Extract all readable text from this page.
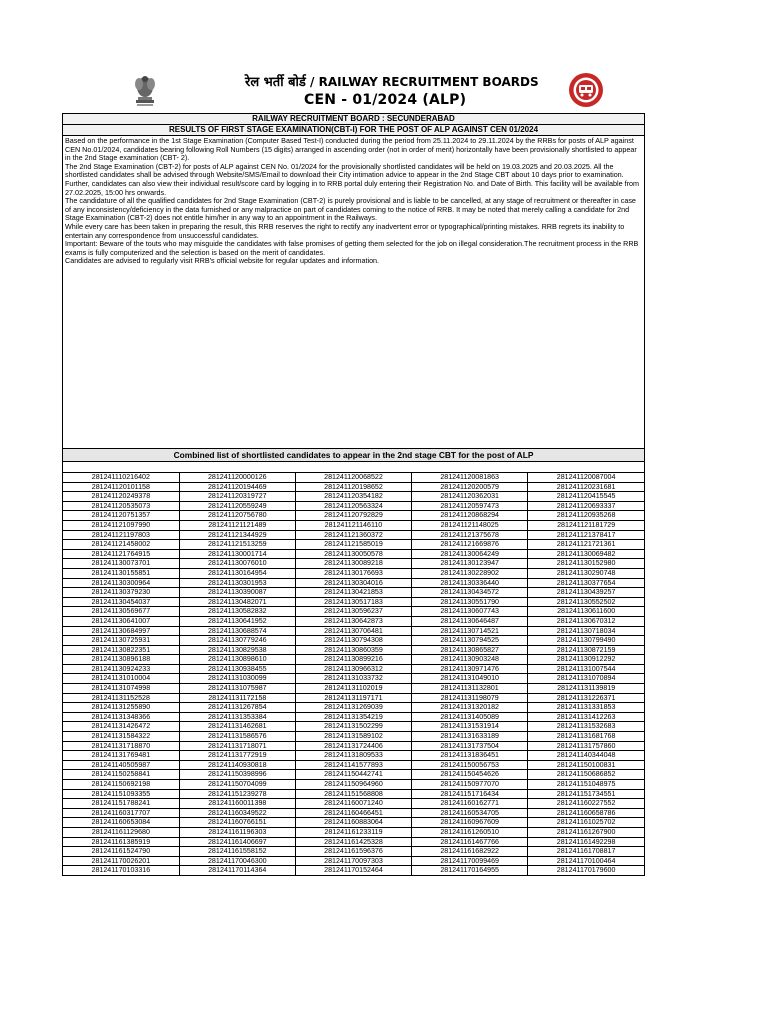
रेल भर्ती बोर्ड / RAILWAY RECRUITMENT BOARDS
CEN - 01/2024 (ALP)
RAILWAY RECRUITMENT BOARD : SECUNDERABAD
RESULTS OF FIRST STAGE EXAMINATION(CBT-I) FOR THE POST OF ALP AGAINST CEN 01/2024

Based on the performance in the 1st Stage Examination (Computer Based Test-I) conducted during the period from 25.11.2024 to 29.11.2024 by the RRBs for posts of ALP against CEN No.01/2024, candidates bearing following Roll Numbers (15 digits) arranged in ascending order (not in order of merit) horizontally have been provisionally shortlisted to appear in the 2nd Stage examination (CBT- 2).

The 2nd Stage Examination (CBT-2) for posts of ALP against CEN No. 01/2024 for the provisionally shortlisted candidates will be held on 19.03.2025 and 20.03.2025. All the shortlisted candidates shall be advised through Website/SMS/Email to download their City intimation advice to appear in the 2nd Stage CBT about 10 days prior to examination.

Further, candidates can also view their individual result/score card by logging in to RRB portal duly entering their Registration No. and Date of Birth. This facility will be available from 27.02.2025, 15:00 hrs onwards.

The candidature of all the qualified candidates for 2nd Stage Examination (CBT-2) is purely provisional and is liable to be cancelled, at any stage of recruitment or thereafter in case of any inconsistency/deficiency in the data furnished or any malpractice on part of candidates coming to the notice of RRB. It may be noted that merely calling a candidate for 2nd Stage Examination (CBT-2) does not entitle him/her in any way to an appointment in the Railways.

While every care has been taken in preparing the result, this RRB reserves the right to rectify any inadvertent error or typographical/printing mistakes. RRB regrets its inability to entertain any correspondence from unsuccessful candidates.

Important: Beware of the touts who may misguide the candidates with false promises of getting them selected for the job on illegal consideration.The recruitment process in the RRB exams is fully computerized and the selection is based on the merit of candidates.

Candidates are advised to regularly visit RRB's official website for regular updates and information.

Combined list of shortlisted candidates to appear in the 2nd stage CBT for the post of ALP
281241110216402	281241120000126	281241120068522	281241120081863	281241120087004
281241120101158	281241120194469	281241120198652	281241120200579	281241120231681
281241120249378	281241120319727	281241120354182	281241120362031	281241120415545
281241120535073	281241120559249	281241120563324	281241120597473	281241120693337
281241120751357	281241120756780	281241120792829	281241120868294	281241120935268
281241121097990	281241121121489	281241121146110	281241121148025	281241121181729
281241121197803	281241121344929	281241121360372	281241121375678	281241121378417
281241121458002	281241121513259	281241121585019	281241121669876	281241121721361
281241121764915	281241130001714	281241130050578	281241130064249	281241130069482
281241130073701	281241130076010	281241130089218	281241130123947	281241130152980
281241130155851	281241130164954	281241130176693	281241130228902	281241130290748
281241130300964	281241130301953	281241130304016	281241130336440	281241130377654
281241130379230	281241130390087	281241130421853	281241130434572	281241130439257
281241130454037	281241130482071	281241130517183	281241130551790	281241130552502
281241130569677	281241130582832	281241130596237	281241130607743	281241130611600
281241130641007	281241130641952	281241130642873	281241130646487	281241130670312
281241130684997	281241130688574	281241130706481	281241130714521	281241130718034
281241130725931	281241130779246	281241130794308	281241130794525	281241130799490
281241130822351	281241130829538	281241130860359	281241130865827	281241130872159
281241130896188	281241130898610	281241130899216	281241130903248	281241130912292
281241130924233	281241130938455	281241130966312	281241130971476	281241131007544
281241131010004	281241131030099	281241131033732	281241131049010	281241131070894
281241131074998	281241131075987	281241131102019	281241131132801	281241131139819
281241131152528	281241131172158	281241131197171	281241131198079	281241131226371
281241131255890	281241131267854	281241131269039	281241131320182	281241131331853
281241131348366	281241131353384	281241131354219	281241131405089	281241131412263
281241131426472	281241131462681	281241131502299	281241131531914	281241131532683
281241131584322	281241131586576	281241131589102	281241131633189	281241131681768
281241131718870	281241131718071	281241131724406	281241131737504	281241131757860
281241131769481	281241131772919	281241131809533	281241131836451	281241140344048
281241140505987	281241140930818	281241141577893	281241150056753	281241150100831
281241150258841	281241150398996	281241150442741	281241150454626	281241150686852
281241150692198	281241150704099	281241150964960	281241150977070	281241151048975
281241151093355	281241151239278	281241151568808	281241151716434	281241151734551
281241151788241	281241160011398	281241160071240	281241160162771	281241160227552
281241160317707	281241160349522	281241160466451	281241160534705	281241160658786
281241160653084	281241160766151	281241160883064	281241160967609	281241161025702
281241161129680	281241161196303	281241161233119	281241161260510	281241161267900
281241161385919	281241161406697	281241161425328	281241161467766	281241161492298
281241161524790	281241161558152	281241161596376	281241161682922	281241161708817
281241170026201	281241170046300	281241170097303	281241170099469	281241170100464
281241170103316	281241170114364	281241170152464	281241170164955	281241170179600
